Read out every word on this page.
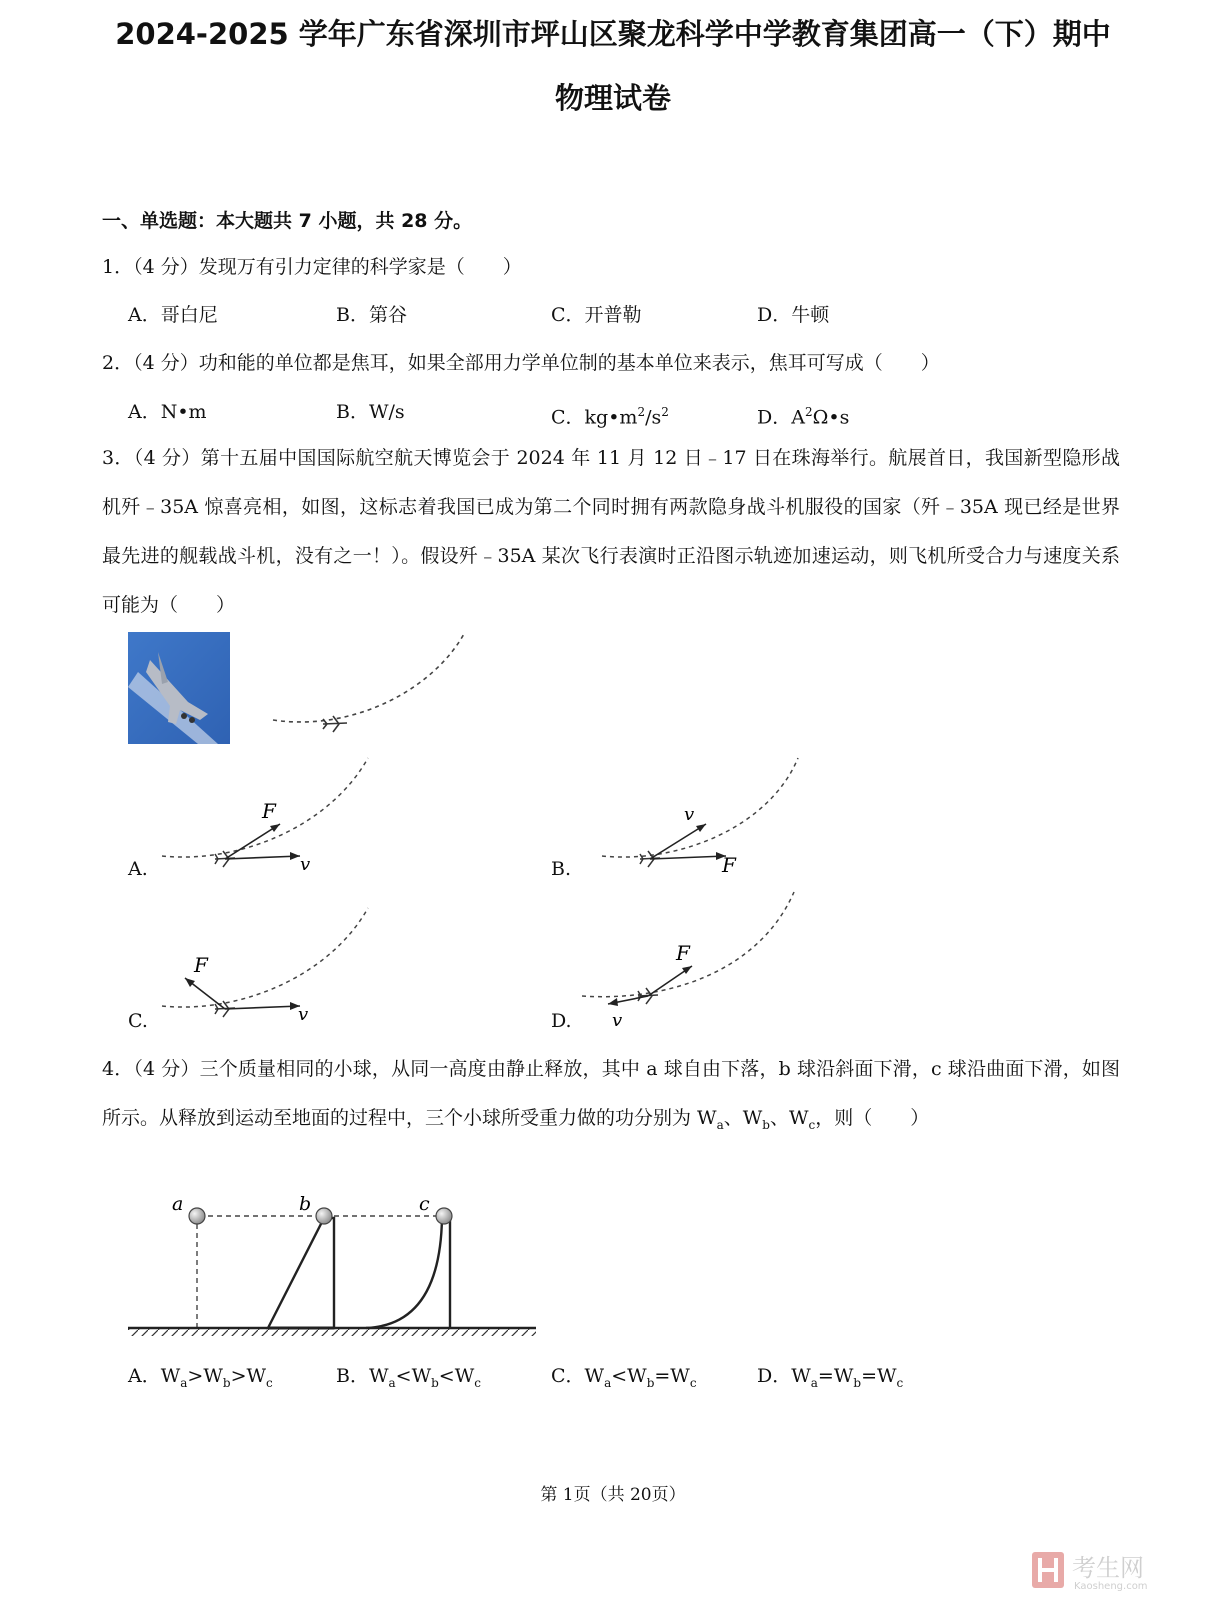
2024-2025 学年广东省深圳市坪山区聚龙科学中学教育集团高一（下）期中
物理试卷
一、单选题：本大题共 7 小题，共 28 分。
1．（4 分）发现万有引力定律的科学家是（　　）
A．哥白尼	B．第谷	C．开普勒	D．牛顿
2．（4 分）功和能的单位都是焦耳，如果全部用力学单位制的基本单位来表示，焦耳可写成（　　）
A．N•m	B．W/s	C．$kg•m^2/s^2$	D．$A^2\Omega•s$
3．（4 分）第十五届中国国际航空航天博览会于 2024 年 11 月 12 日﹣17 日在珠海举行。航展首日，我国新型隐形战机歼﹣35A 惊喜亮相，如图，这标志着我国已成为第二个同时拥有两款隐身战斗机服役的国家（歼﹣35A 现已经是世界最先进的舰载战斗机，没有之一！）。假设歼﹣35A 某次飞行表演时正沿图示轨迹加速运动，则飞机所受合力与速度关系可能为（　　）
A.
F
v	B.
v
F
C.
F
v	D.
F
v
4．（4 分）三个质量相同的小球，从同一高度由静止释放，其中 a 球自由下落，b 球沿斜面下滑，c 球沿曲面下滑，如图所示。从释放到运动至地面的过程中，三个小球所受重力做的功分别为 $W_a$、$W_b$、$W_c$，则（　　）
a	b	c
A．$W_a>W_b>W_c$	B．$W_a<W_b<W_c$	C．$W_a<W_b=W_c$	D．$W_a=W_b=W_c$
第 1页（共 20页）
考生网
Kaosheng.com
